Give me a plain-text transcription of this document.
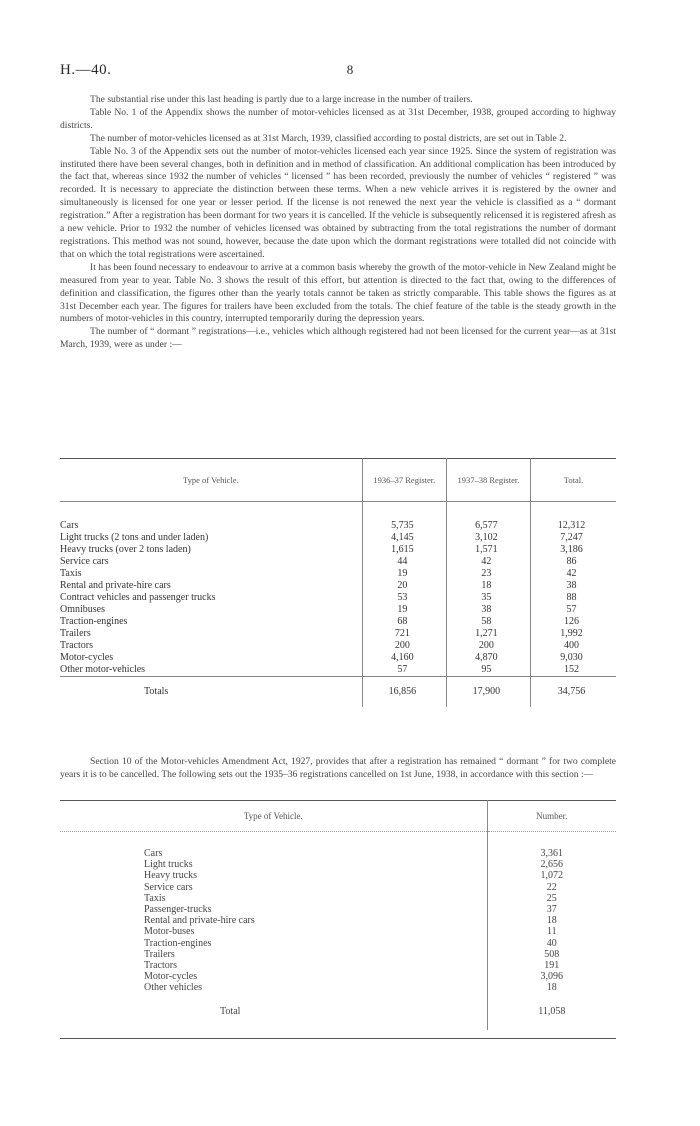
H.—40.	8

The substantial rise under this last heading is partly due to a large increase in the number of trailers.

Table No. 1 of the Appendix shows the number of motor-vehicles licensed as at 31st December, 1938, grouped according to highway districts.

The number of motor-vehicles licensed as at 31st March, 1939, classified according to postal districts, are set out in Table 2.

Table No. 3 of the Appendix sets out the number of motor-vehicles licensed each year since 1925. Since the system of registration was instituted there have been several changes, both in definition and in method of classification. An additional complication has been introduced by the fact that, whereas since 1932 the number of vehicles “ licensed ” has been recorded, previously the number of vehicles “ registered ” was recorded. It is necessary to appreciate the distinction between these terms. When a new vehicle arrives it is registered by the owner and simultaneously is licensed for one year or lesser period. If the license is not renewed the next year the vehicle is classified as a “ dormant registration.” After a registration has been dormant for two years it is cancelled. If the vehicle is subsequently relicensed it is registered afresh as a new vehicle. Prior to 1932 the number of vehicles licensed was obtained by subtracting from the total registrations the number of dormant registrations. This method was not sound, however, because the date upon which the dormant registrations were totalled did not coincide with that on which the total registrations were ascertained.

It has been found necessary to endeavour to arrive at a common basis whereby the growth of the motor-vehicle in New Zealand might be measured from year to year. Table No. 3 shows the result of this effort, but attention is directed to the fact that, owing to the differences of definition and classification, the figures other than the yearly totals cannot be taken as strictly comparable. This table shows the figures as at 31st December each year. The figures for trailers have been excluded from the totals. The chief feature of the table is the steady growth in the numbers of motor-vehicles in this country, interrupted temporarily during the depression years.

The number of “ dormant ” registrations—i.e., vehicles which although registered had not been licensed for the current year—as at 31st March, 1939, were as under :—

Type of Vehicle.	1936–37 Register.	1937–38 Register.	Total.

Cars	5,735	6,577	12,312
Light trucks (2 tons and under laden)	4,145	3,102	7,247
Heavy trucks (over 2 tons laden)	1,615	1,571	3,186
Service cars	44	42	86
Taxis	19	23	42
Rental and private-hire cars	20	18	38
Contract vehicles and passenger trucks	53	35	88
Omnibuses	19	38	57
Traction-engines	68	58	126
Trailers	721	1,271	1,992
Tractors	200	200	400
Motor-cycles	4,160	4,870	9,030
Other motor-vehicles	57	95	152
Totals	16,856	17,900	34,756

Section 10 of the Motor-vehicles Amendment Act, 1927, provides that after a registration has remained “ dormant ” for two complete years it is to be cancelled. The following sets out the 1935–36 registrations cancelled on 1st June, 1938, in accordance with this section :—

Type of Vehicle.	Number.

Cars	3,361
Light trucks	2,656
Heavy trucks	1,072
Service cars	22
Taxis	25
Passenger-trucks	37
Rental and private-hire cars	18
Motor-buses	11
Traction-engines	40
Trailers	508
Tractors	191
Motor-cycles	3,096
Other vehicles	18
Total	11,058
